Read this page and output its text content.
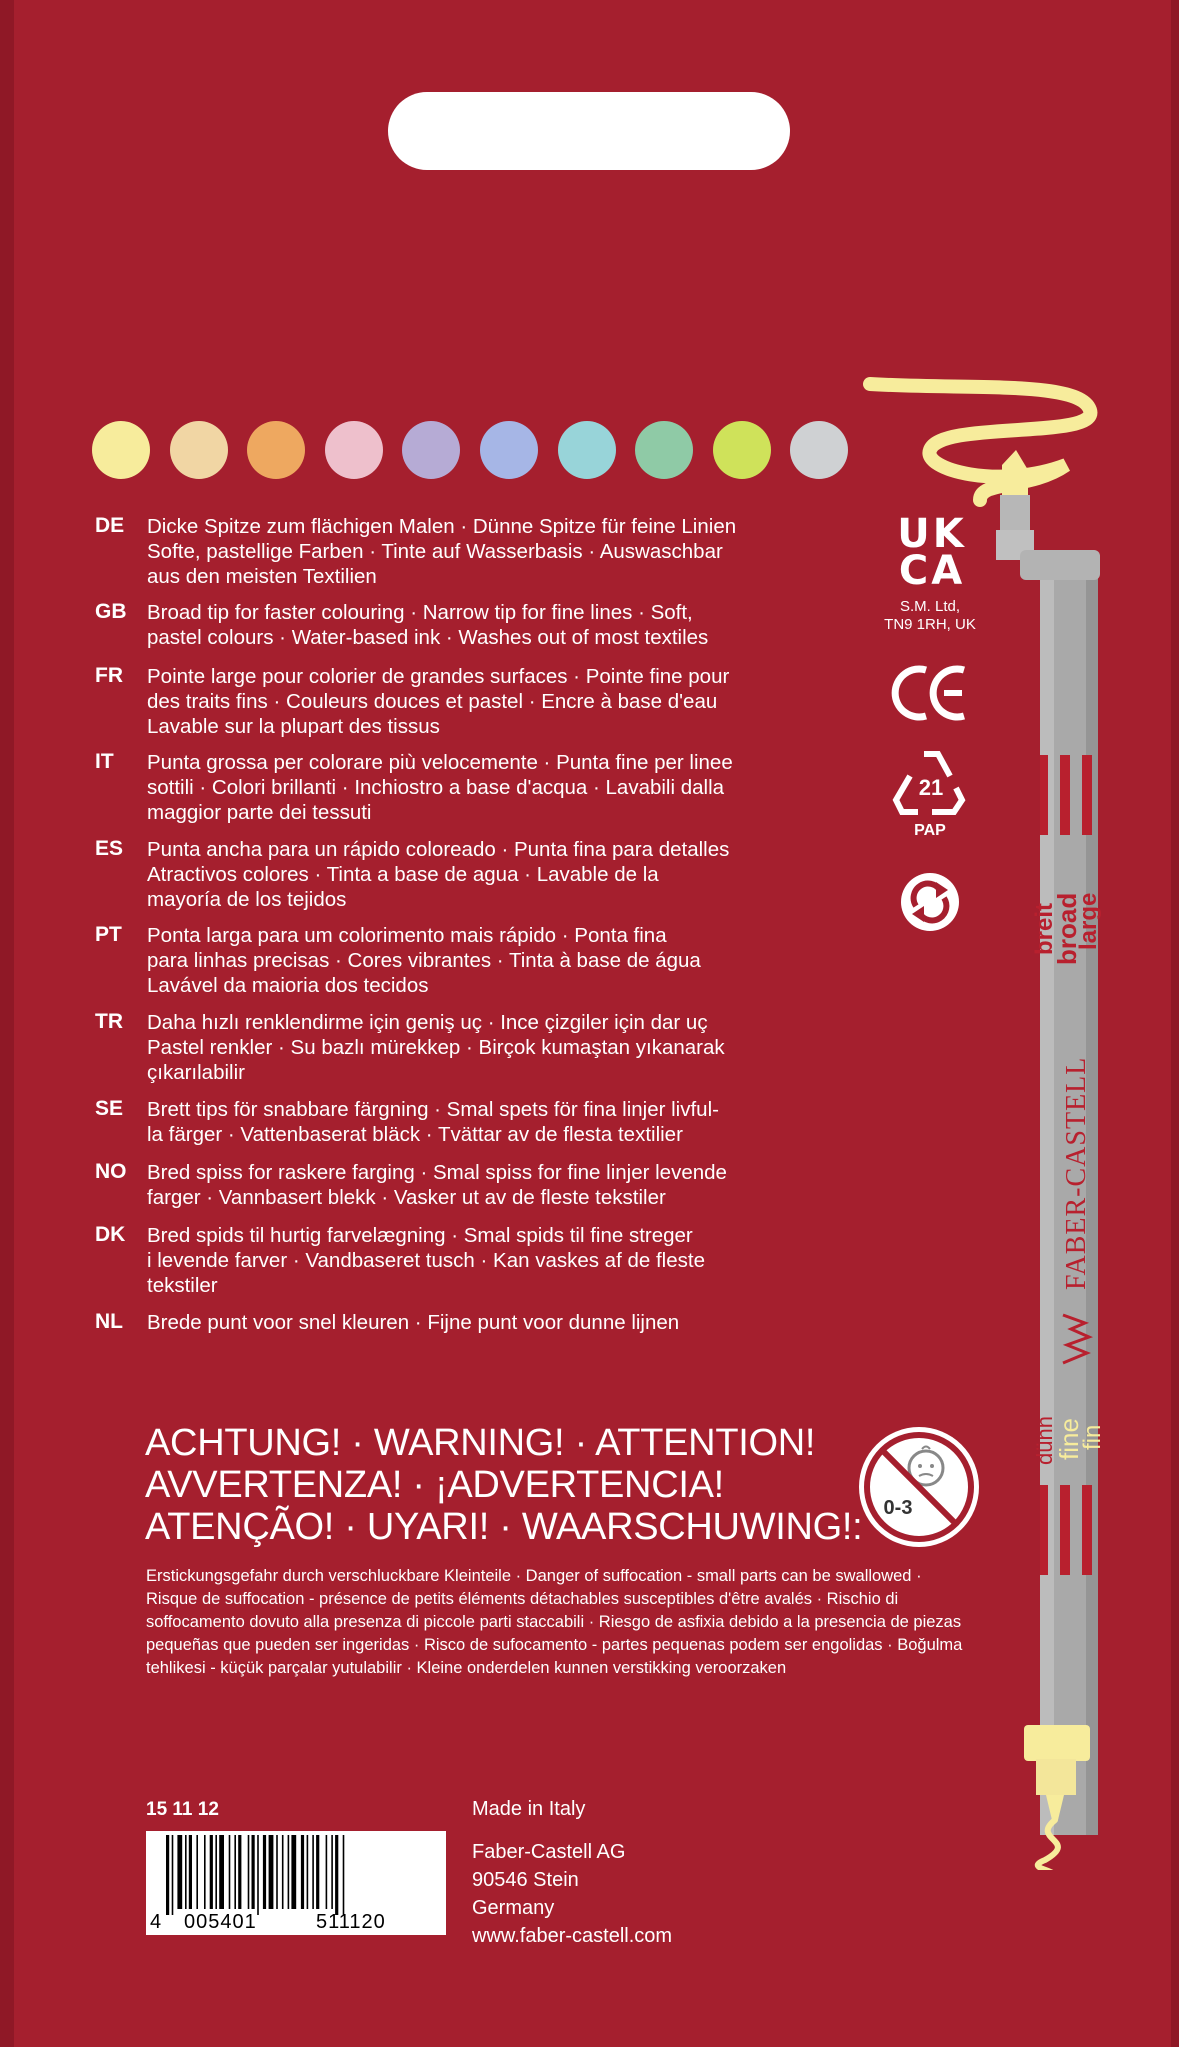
DE Dicke Spitze zum flächigen Malen · Dünne Spitze für feine Linien
Softe, pastellige Farben · Tinte auf Wasserbasis · Auswaschbar
aus den meisten Textilien
GB Broad tip for faster colouring · Narrow tip for fine lines · Soft,
pastel colours · Water-based ink · Washes out of most textiles
FR Pointe large pour colorier de grandes surfaces · Pointe fine pour
des traits fins · Couleurs douces et pastel · Encre à base d'eau
Lavable sur la plupart des tissus
IT Punta grossa per colorare più velocemente · Punta fine per linee
sottili · Colori brillanti · Inchiostro a base d'acqua · Lavabili dalla
maggior parte dei tessuti
ES Punta ancha para un rápido coloreado · Punta fina para detalles
Atractivos colores · Tinta a base de agua · Lavable de la
mayoría de los tejidos
PT Ponta larga para um colorimento mais rápido · Ponta fina
para linhas precisas · Cores vibrantes · Tinta à base de água
Lavável da maioria dos tecidos
TR Daha hızlı renklendirme için geniş uç · Ince çizgiler için dar uç
Pastel renkler · Su bazlı mürekkep · Birçok kumaştan yıkanarak
çıkarılabilir
SE Brett tips för snabbare färgning · Smal spets för fina linjer livful-
la färger · Vattenbaserat bläck · Tvättar av de flesta textilier
NO Bred spiss for raskere farging · Smal spiss for fine linjer levende
farger · Vannbasert blekk · Vasker ut av de fleste tekstiler
DK Bred spids til hurtig farvelægning · Smal spids til fine streger
i levende farver · Vandbaseret tusch · Kan vaskes af de fleste
tekstiler
NL Brede punt voor snel kleuren · Fijne punt voor dunne lijnen
UK
CA
S.M. Ltd,
TN9 1RH, UK
21
PAP
ACHTUNG! · WARNING! · ATTENTION!
AVVERTENZA! · ¡ADVERTENCIA!
ATENÇÃO! · UYARI! · WAARSCHUWING!:
Erstickungsgefahr durch verschluckbare Kleinteile · Danger of suffocation - small parts can be swallowed · Risque de suffocation - présence de petits éléments détachables susceptibles d'être avalés · Rischio di soffocamento dovuto alla presenza di piccole parti staccabili · Riesgo de asfixia debido a la presencia de piezas pequeñas que pueden ser ingeridas · Risco de sufocamento - partes pequenas podem ser engolidas · Boğulma tehlikesi - küçük parçalar yutulabilir · Kleine onderdelen kunnen verstikking veroorzaken
0-3
15 11 12
4 005401	511120
Made in Italy
Faber-Castell AG
90546 Stein
Germany
www.faber-castell.com
breit
broad
large
FABER-CASTELL
dünn
fine
fin
